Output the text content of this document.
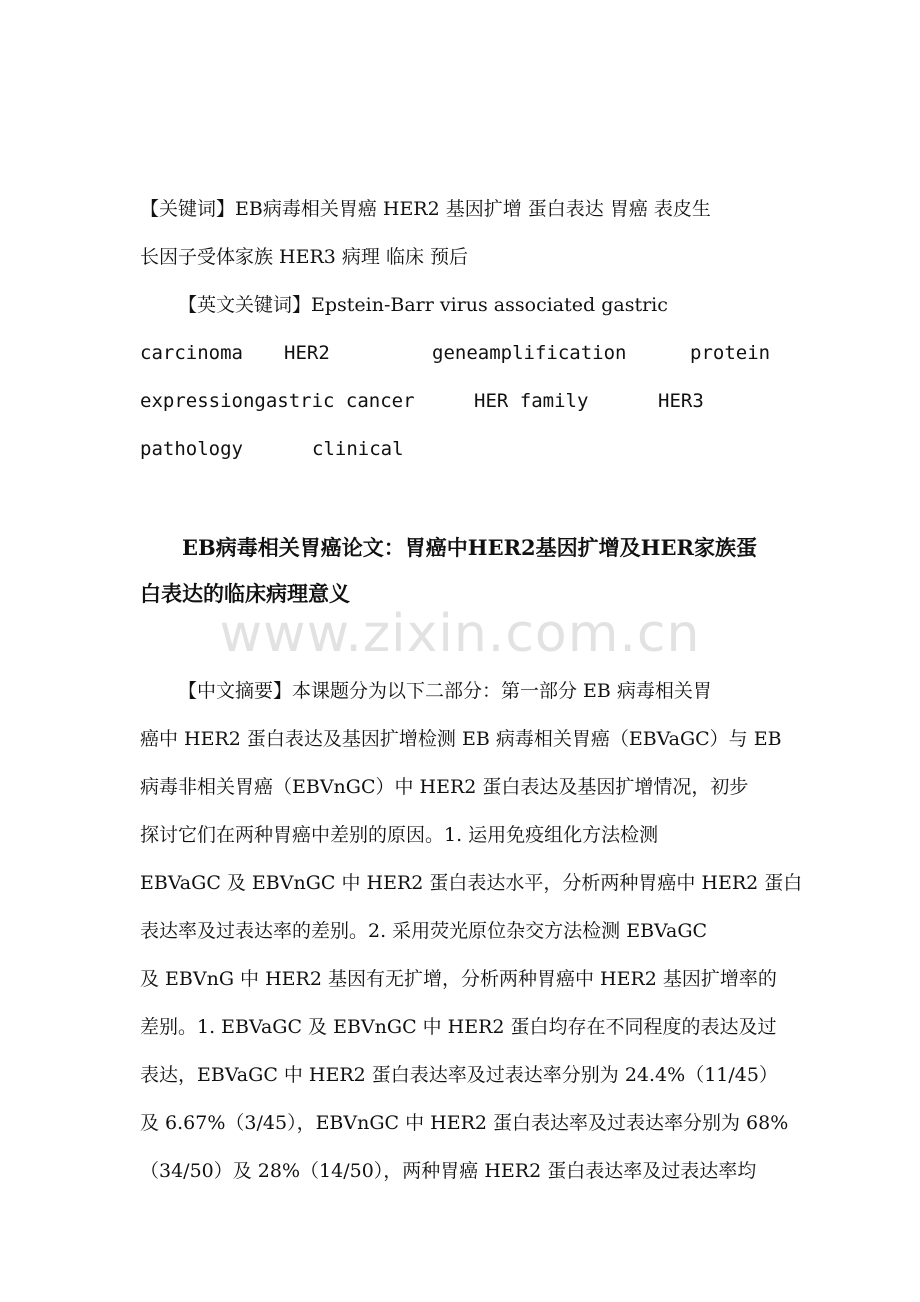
【关键词】EB病毒相关胃癌 HER2 基因扩增 蛋白表达 胃癌 表皮生
长因子受体家族 HER3 病理 临床 预后
【英文关键词】Epstein-Barr virus associated gastric
carcinoma HER2	geneamplification	protein
expressiongastric cancer	HER family	HER3
pathology	clinical
EB病毒相关胃癌论文：胃癌中HER2基因扩增及HER家族蛋
白表达的临床病理意义
www.zixin.com.cn
【中文摘要】本课题分为以下二部分：第一部分 EB 病毒相关胃
癌中 HER2 蛋白表达及基因扩增检测 EB 病毒相关胃癌（EBVaGC）与 EB
病毒非相关胃癌（EBVnGC）中 HER2 蛋白表达及基因扩增情况，初步
探讨它们在两种胃癌中差别的原因。1. 运用免疫组化方法检测
EBVaGC 及 EBVnGC 中 HER2 蛋白表达水平，分析两种胃癌中 HER2 蛋白
表达率及过表达率的差别。2. 采用荧光原位杂交方法检测 EBVaGC
及 EBVnG 中 HER2 基因有无扩增，分析两种胃癌中 HER2 基因扩增率的
差别。1. EBVaGC 及 EBVnGC 中 HER2 蛋白均存在不同程度的表达及过
表达，EBVaGC 中 HER2 蛋白表达率及过表达率分别为 24.4%（11/45）
及 6.67%（3/45），EBVnGC 中 HER2 蛋白表达率及过表达率分别为 68%
（34/50）及 28%（14/50），两种胃癌 HER2 蛋白表达率及过表达率均
